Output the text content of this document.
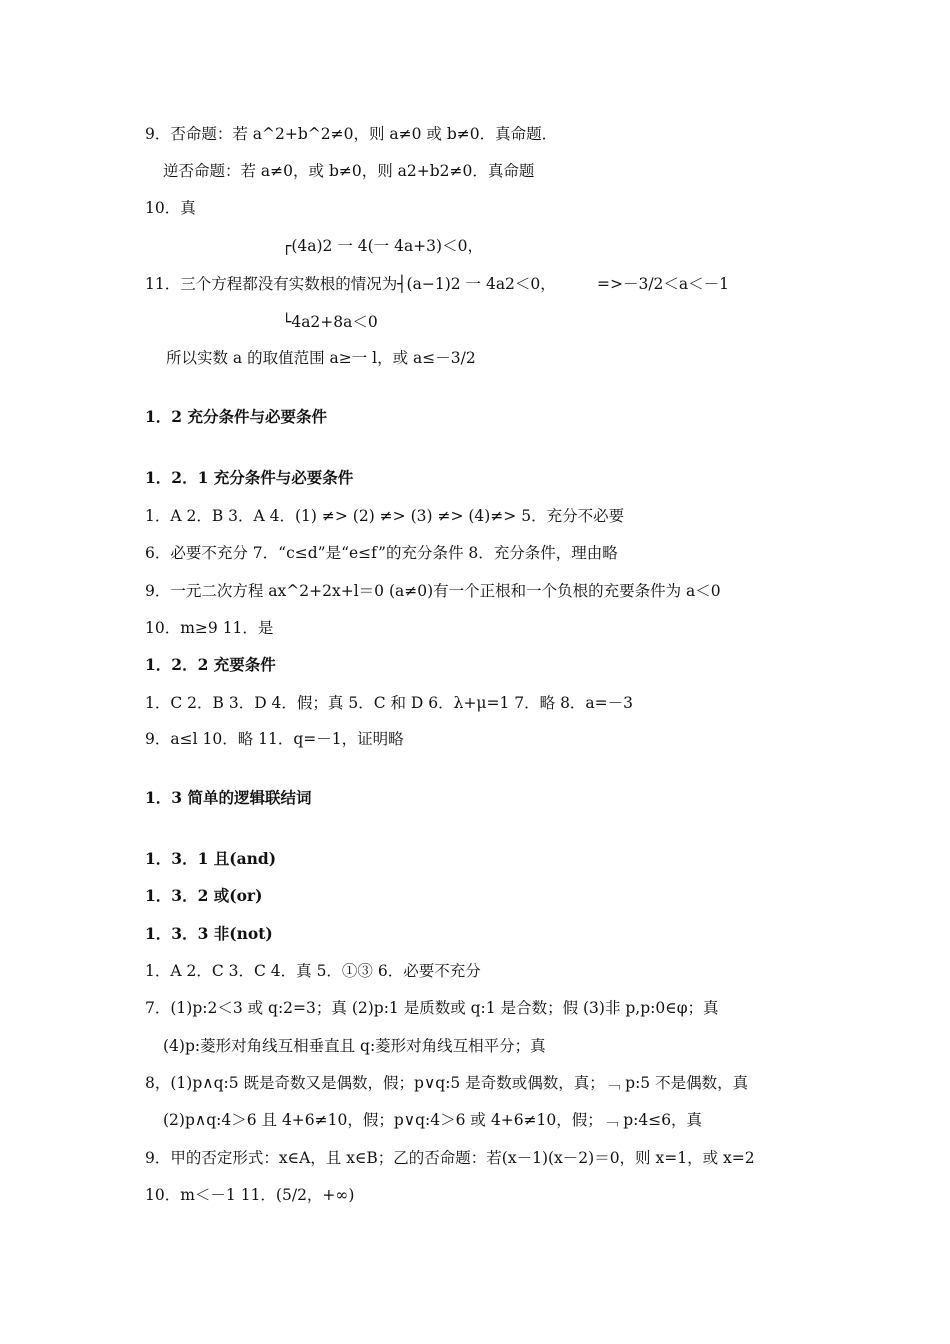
9．否命题：若 a^2+b^2≠0，则 a≠0 或 b≠0．真命题．
逆否命题：若 a≠0，或 b≠0，则 a2+b2≠0．真命题
10．真
┌(4a)2 一 4(一 4a+3)＜0，
11．三个方程都没有实数根的情况为┤(a−1)2 一 4a2＜0，	=>－3/2＜a＜－1
└4a2+8a＜0
所以实数 a 的取值范围 a≥一 l，或 a≤－3/2
1．2 充分条件与必要条件
1．2．1 充分条件与必要条件
1．A 2．B 3．A 4．(1) ≠> (2) ≠> (3) ≠> (4)≠> 5．充分不必要
6．必要不充分 7．“c≤d”是“e≤f”的充分条件 8．充分条件，理由略
9．一元二次方程 ax^2+2x+l＝0 (a≠0)有一个正根和一个负根的充要条件为 a＜0
10．m≥9 11．是
1．2．2 充要条件
1．C 2．B 3．D 4．假；真 5．C 和 D 6．λ+μ=1 7．略 8．a=－3
9．a≤l 10．略 11．q=－1，证明略
1．3 简单的逻辑联结词
1．3．1 且(and)
1．3．2 或(or)
1．3．3 非(not)
1．A 2．C 3．C 4．真 5．①③ 6．必要不充分
7．(1)p:2＜3 或 q:2=3；真 (2)p:1 是质数或 q:1 是合数；假 (3)非 p,p:0∈φ；真
(4)p:菱形对角线互相垂直且 q:菱形对角线互相平分；真
8，(1)p∧q:5 既是奇数又是偶数，假；p∨q:5 是奇数或偶数，真；﹁ p:5 不是偶数，真
(2)p∧q:4＞6 且 4+6≠10，假；p∨q:4＞6 或 4+6≠10，假；﹁ p:4≤6，真
9．甲的否定形式：x∈A，且 x∈B；乙的否命题：若(x－1)(x－2)＝0，则 x=1，或 x=2
10．m＜－1 11．(5/2，+∞)
